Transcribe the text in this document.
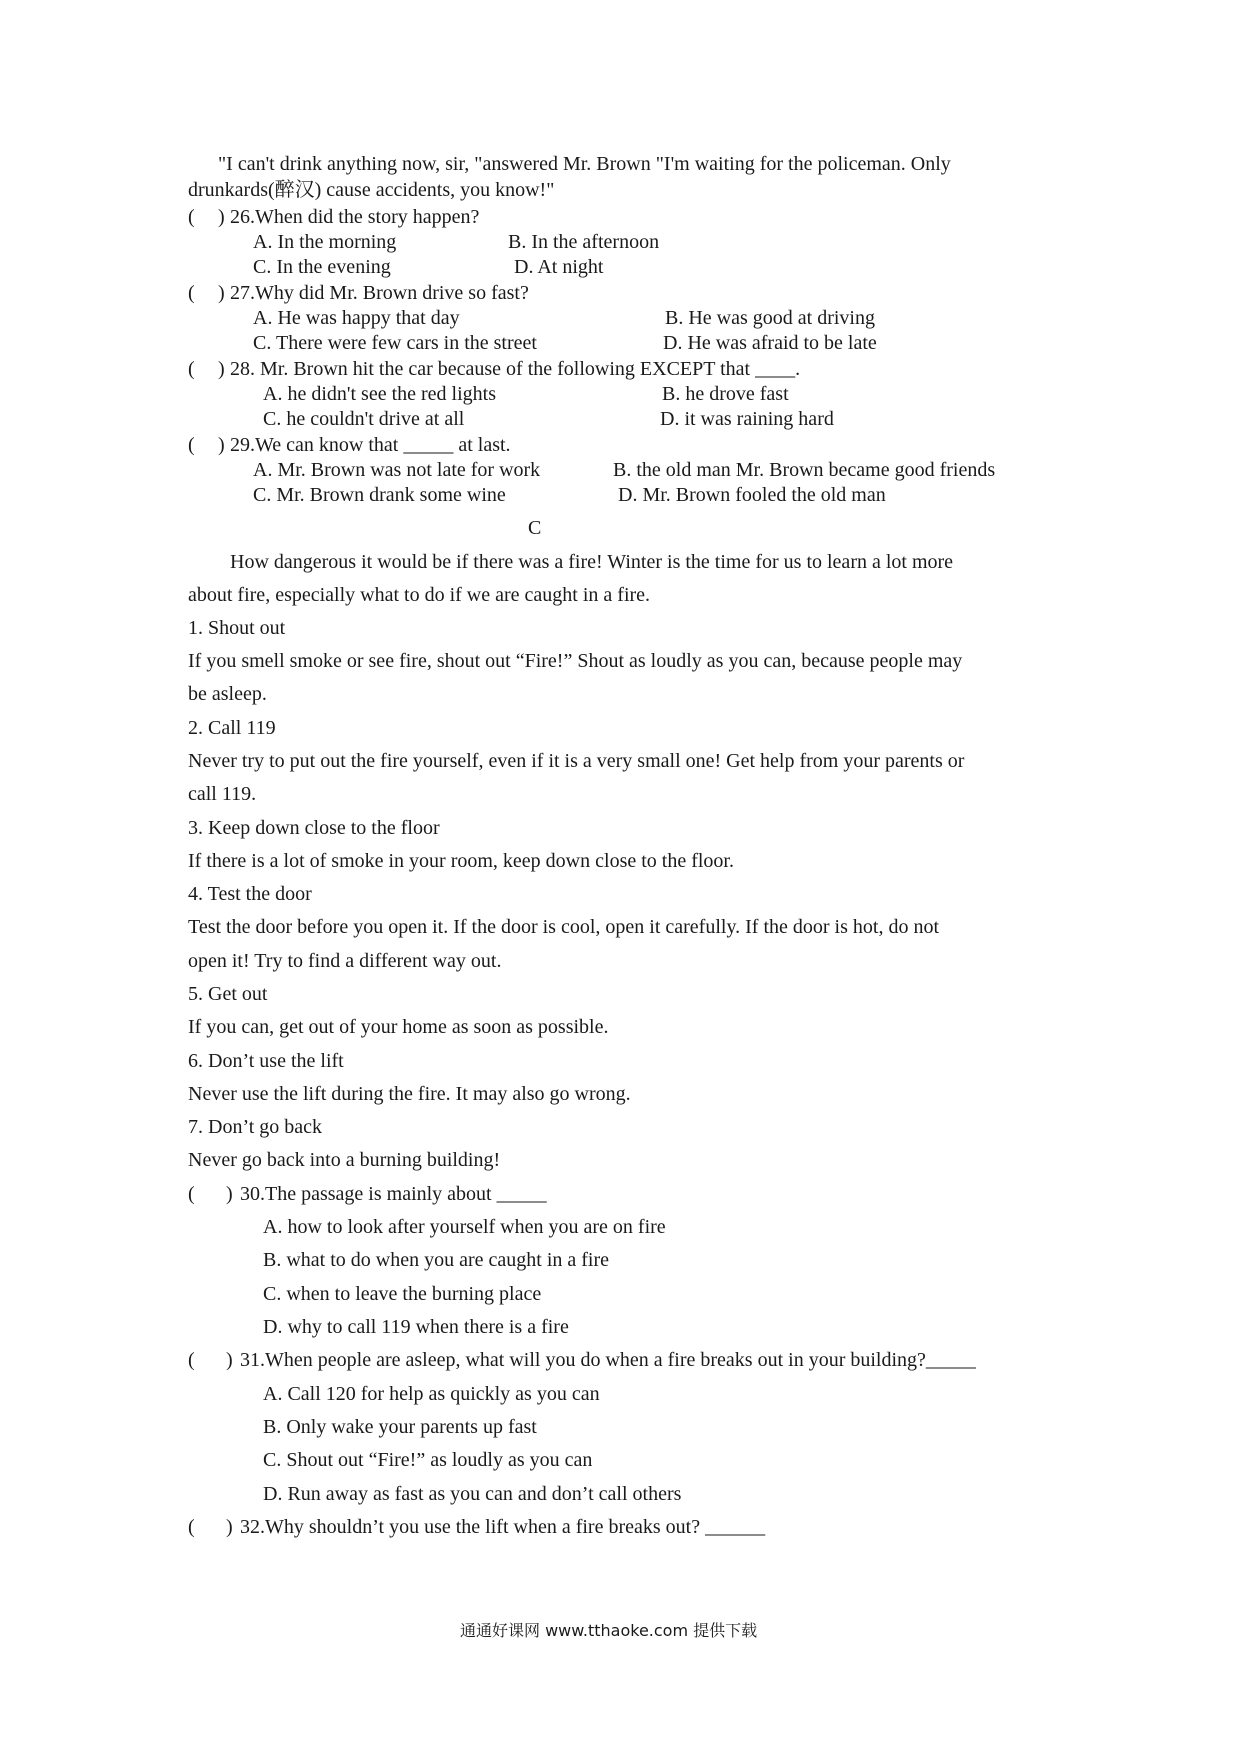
"I can't drink anything now, sir, "answered Mr. Brown "I'm waiting for the policeman. Only
drunkards(醉汉) cause accidents, you know!"
( ) 26.When did the story happen?
A. In the morning	B. In the afternoon
C. In the evening	D. At night
( ) 27.Why did Mr. Brown drive so fast?
A. He was happy that day	B. He was good at driving
C. There were few cars in the street	D. He was afraid to be late
( ) 28. Mr. Brown hit the car because of the following EXCEPT that ____.
A. he didn't see the red lights	B. he drove fast
C. he couldn't drive at all	D. it was raining hard
( ) 29.We can know that _____ at last.
A. Mr. Brown was not late for work	B. the old man Mr. Brown became good friends
C. Mr. Brown drank some wine	D. Mr. Brown fooled the old man
C
How dangerous it would be if there was a fire! Winter is the time for us to learn a lot more
about fire, especially what to do if we are caught in a fire.
1. Shout out
If you smell smoke or see fire, shout out “Fire!” Shout as loudly as you can, because people may
be asleep.
2. Call 119
Never try to put out the fire yourself, even if it is a very small one! Get help from your parents or
call 119.
3. Keep down close to the floor
If there is a lot of smoke in your room, keep down close to the floor.
4. Test the door
Test the door before you open it. If the door is cool, open it carefully. If the door is hot, do not
open it! Try to find a different way out.
5. Get out
If you can, get out of your home as soon as possible.
6. Don’t use the lift
Never use the lift during the fire. It may also go wrong.
7. Don’t go back
Never go back into a burning building!
( ) 30.The passage is mainly about _____
A. how to look after yourself when you are on fire
B. what to do when you are caught in a fire
C. when to leave the burning place
D. why to call 119 when there is a fire
( ) 31.When people are asleep, what will you do when a fire breaks out in your building?_____
A. Call 120 for help as quickly as you can
B. Only wake your parents up fast
C. Shout out “Fire!” as loudly as you can
D. Run away as fast as you can and don’t call others
( ) 32.Why shouldn’t you use the lift when a fire breaks out? ______
通通好课网 www.tthaoke.com 提供下载
